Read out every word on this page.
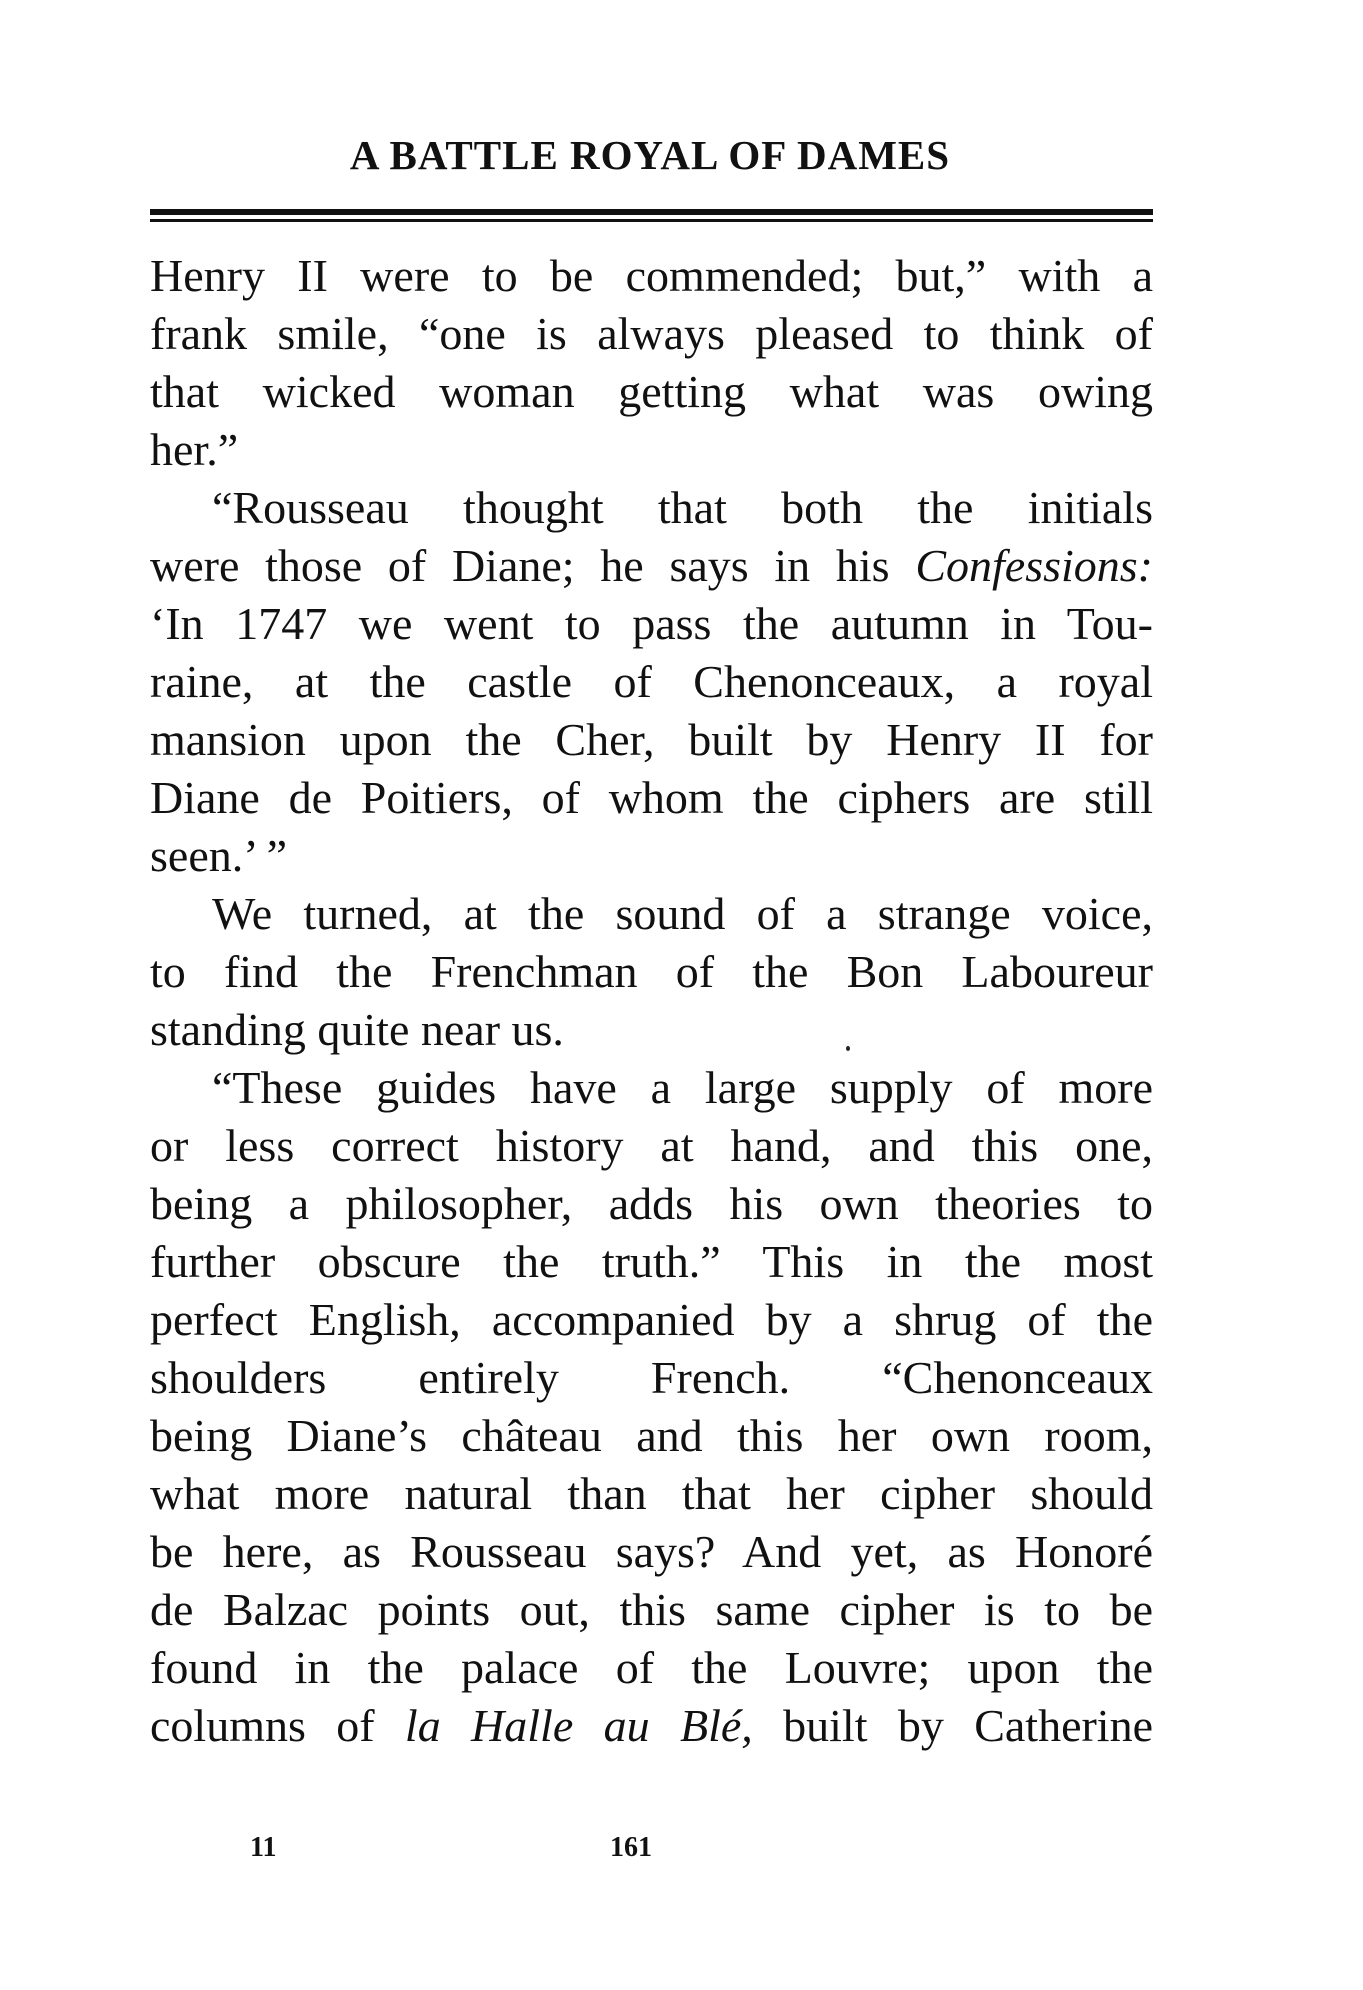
A BATTLE ROYAL OF DAMES
Henry II were to be commended; but,” with a
frank smile, “one is always pleased to think of
that wicked woman getting what was owing
her.”
“Rousseau thought that both the initials
were those of Diane; he says in his Confessions:
‘In 1747 we went to pass the autumn in Tou-
raine, at the castle of Chenonceaux, a royal
mansion upon the Cher, built by Henry II for
Diane de Poitiers, of whom the ciphers are still
seen.’ ”
We turned, at the sound of a strange voice,
to find the Frenchman of the Bon Laboureur
standing quite near us.
“These guides have a large supply of more
or less correct history at hand, and this one,
being a philosopher, adds his own theories to
further obscure the truth.” This in the most
perfect English, accompanied by a shrug of the
shoulders entirely French. “Chenonceaux
being Diane’s château and this her own room,
what more natural than that her cipher should
be here, as Rousseau says? And yet, as Honoré
de Balzac points out, this same cipher is to be
found in the palace of the Louvre; upon the
columns of la Halle au Blé, built by Catherine
11	161
